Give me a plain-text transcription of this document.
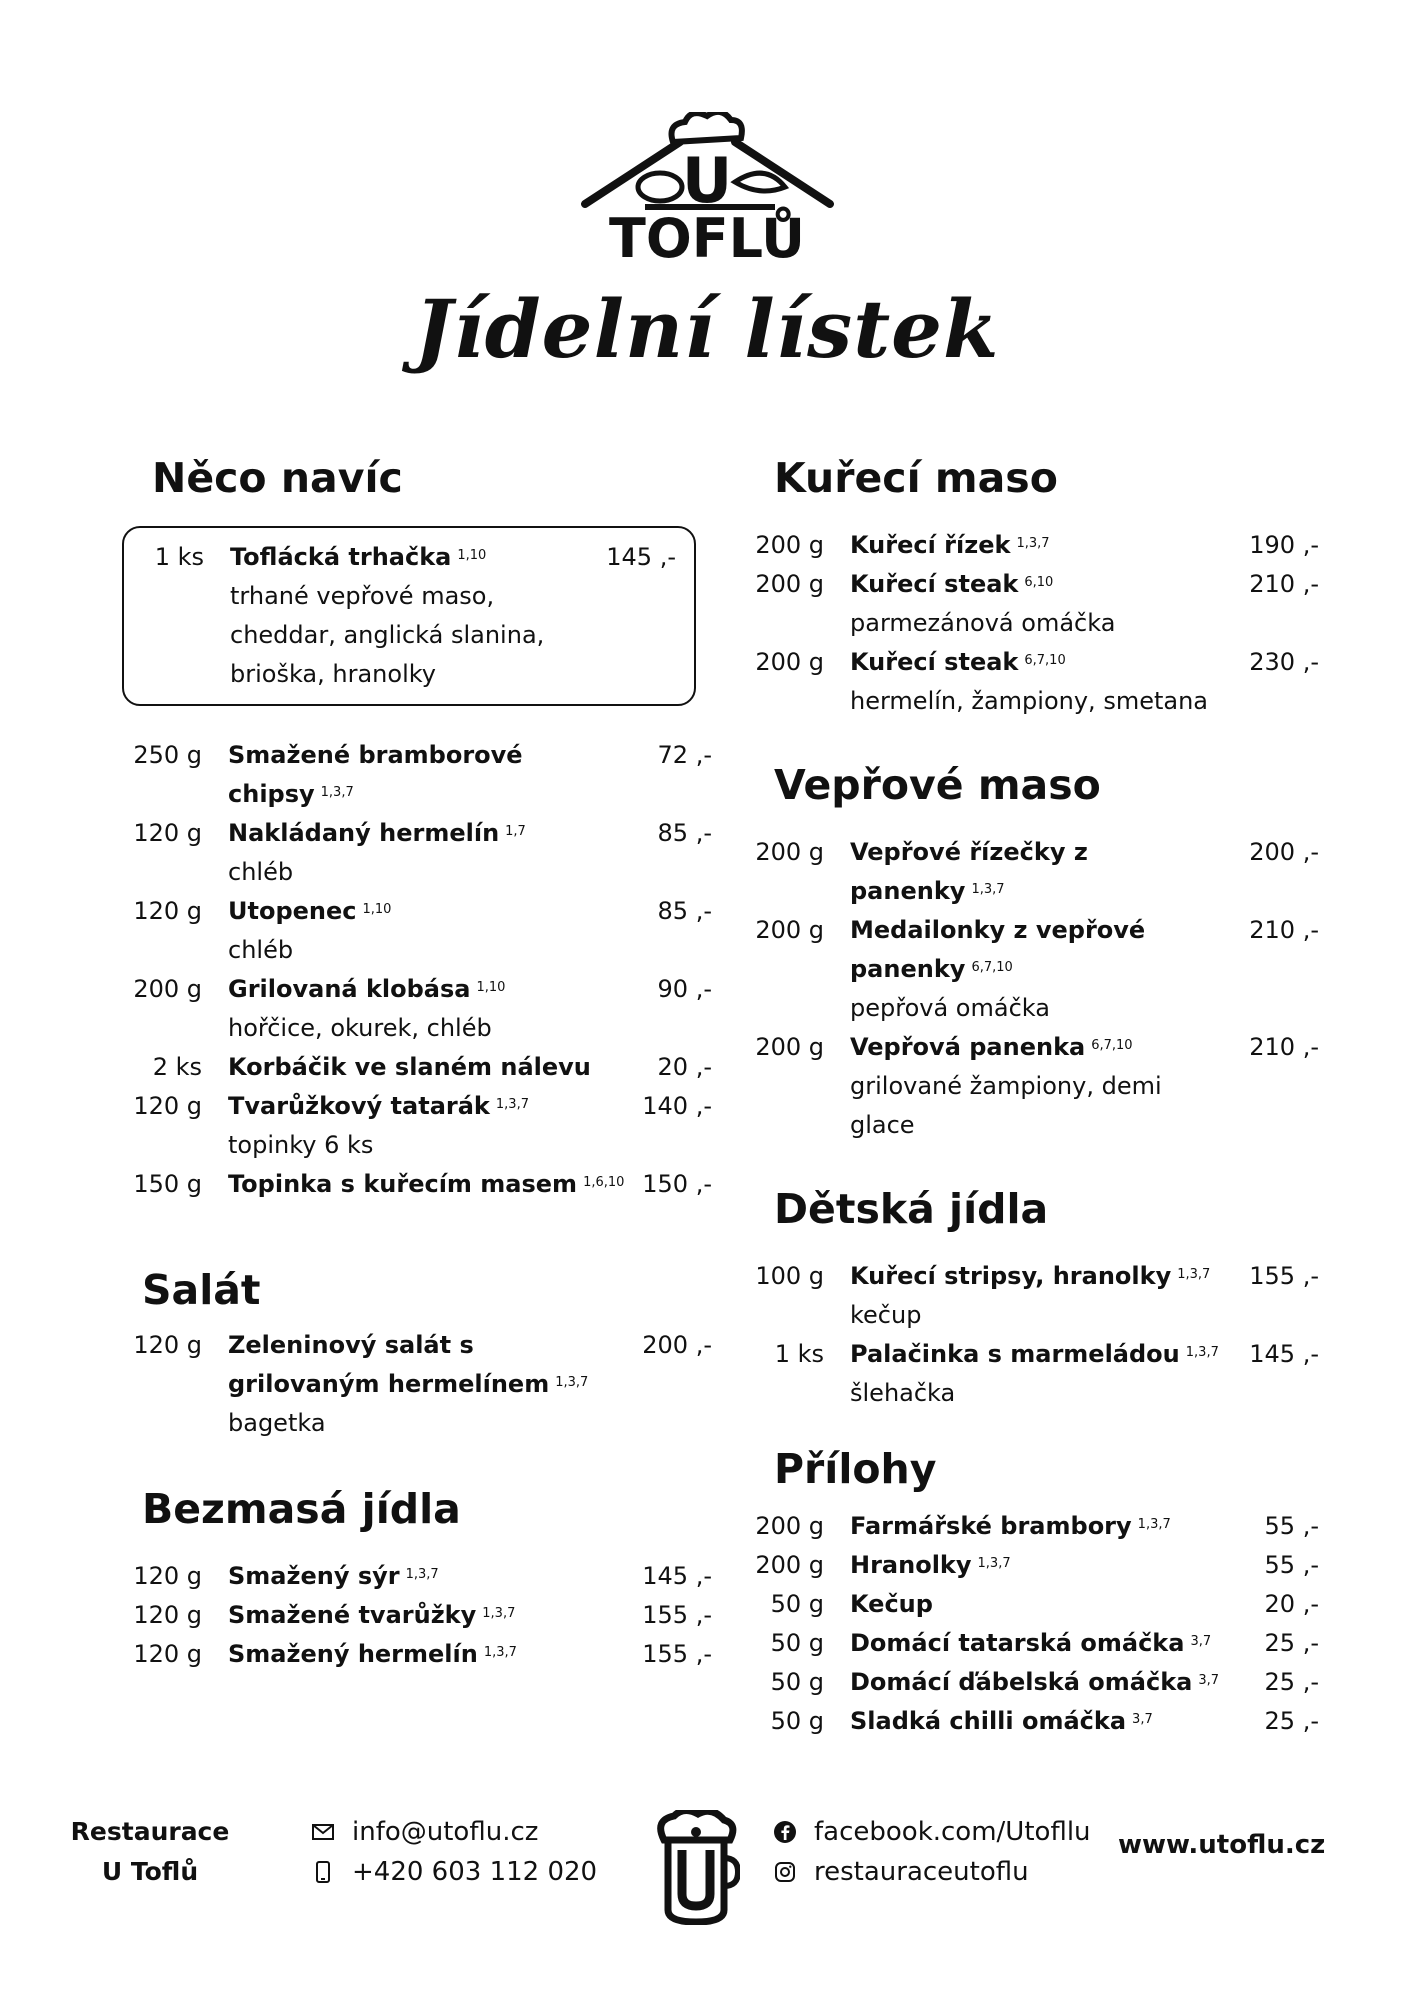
U
TOFLŮ
Jídelní lístek
Něco navíc
1 ks	Toflácká trhačka $^{1,10}$
trhané vepřové maso, cheddar, anglická slanina, brioška, hranolky
145 ,-
250 g	Smažené bramborové chipsy $^{1,3,7}$
72 ,-
120 g	Nakládaný hermelín $^{1,7}$
chléb
85 ,-
120 g	Utopenec $^{1,10}$
chléb
85 ,-
200 g	Grilovaná klobása $^{1,10}$
hořčice, okurek, chléb
90 ,-
2 ks	Korbáčik ve slaném nálevu	20 ,-
120 g	Tvarůžkový tatarák $^{1,3,7}$
topinky 6 ks
140 ,-
150 g	Topinka s kuřecím masem $^{1,6,10}$ 150 ,-
Salát
120 g	Zeleninový salát s grilovaným hermelínem $^{1,3,7}$
bagetka
200 ,-
Bezmasá jídla
120 g	Smažený sýr $^{1,3,7}$	145 ,-
120 g	Smažené tvarůžky $^{1,3,7}$	155 ,-
120 g	Smažený hermelín $^{1,3,7}$	155 ,-
Kuřecí maso
200 g	Kuřecí řízek $^{1,3,7}$	190 ,-
200 g	Kuřecí steak $^{6,10}$
parmezánová omáčka
210 ,-
200 g	Kuřecí steak $^{6,7,10}$
hermelín, žampiony, smetana
230 ,-
Vepřové maso
200 g	Vepřové řízečky z panenky $^{1,3,7}$
200 ,-
200 g	Medailonky z vepřové panenky $^{6,7,10}$
pepřová omáčka
210 ,-
200 g	Vepřová panenka $^{6,7,10}$
grilované žampiony, demi glace
210 ,-
Dětská jídla
100 g	Kuřecí stripsy, hranolky $^{1,3,7}$
kečup
155 ,-
1 ks	Palačinka s marmeládou $^{1,3,7}$
šlehačka
145 ,-
Přílohy
200 g	Farmářské brambory $^{1,3,7}$	55 ,-
200 g	Hranolky $^{1,3,7}$	55 ,-
50 g	Kečup	20 ,-
50 g	Domácí tatarská omáčka $^{3,7}$	25 ,-
50 g	Domácí ďábelská omáčka $^{3,7}$	25 ,-
50 g	Sladká chilli omáčka $^{3,7}$	25 ,-
Restaurace
U Toflů
info@utoflu.cz
+420 603 112 020
facebook.com/Utofllu
restauraceutoflu
www.utoflu.cz
